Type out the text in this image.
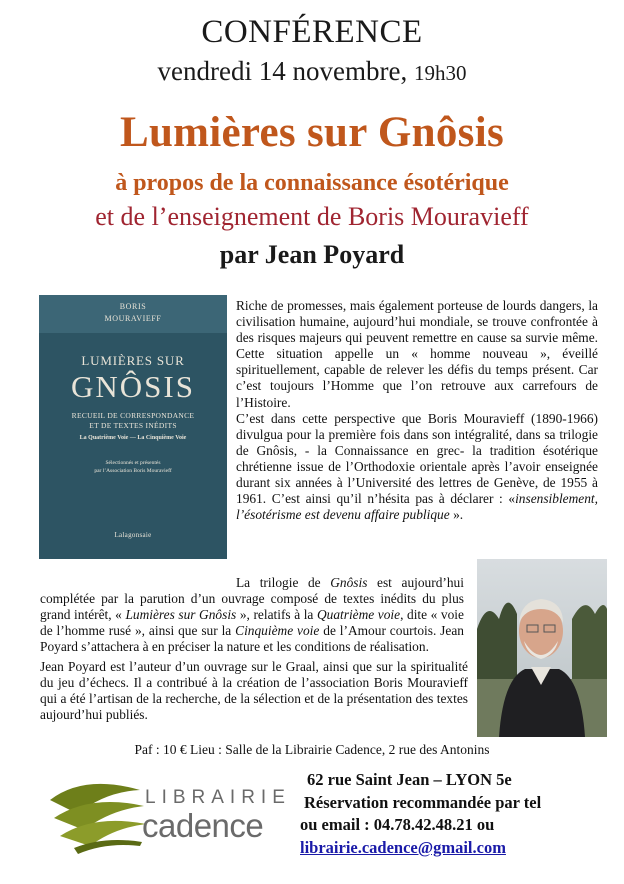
CONFÉRENCE
vendredi 14 novembre, 19h30
Lumières sur Gnôsis
à propos de la connaissance ésotérique
et de l’enseignement de Boris Mouravieff
par Jean Poyard
BORIS
MOURAVIEFF
LUMIÈRES SUR
GNÔSIS
RECUEIL DE CORRESPONDANCE
ET DE TEXTES INÉDITS
La Quatrième Voie — La Cinquième Voie
Sélectionnés et présentés
par l’Association Boris Mouravieff
Lalagonsaie

Riche de promesses, mais également porteuse de lourds dangers, la civilisation humaine, aujourd’hui mondiale, se trouve confrontée à des risques majeurs qui peuvent remettre en cause sa survie même. Cette situation appelle un « homme nouveau », éveillé spirituellement, capable de relever les défis du temps présent. Car c’est toujours l’Homme que l’on retrouve aux carrefours de l’Histoire.

C’est dans cette perspective que Boris Mouravieff (1890-1966) divulgua pour la première fois dans son intégralité, dans sa trilogie de Gnôsis, - la Connaissance en grec- la tradition ésotérique chrétienne issue de l’Orthodoxie orientale après l’avoir enseignée durant six années à l’Université des lettres de Genève, de 1955 à 1961. C’est ainsi qu’il n’hésita pas à déclarer : «insensiblement, l’ésotérisme est devenu affaire publique ».

La trilogie de Gnôsis est aujourd’hui complétée par la parution d’un ouvrage composé de textes inédits du plus grand intérêt, « Lumières sur Gnôsis », relatifs à la Quatrième voie, dite « voie de l’homme rusé », ainsi que sur la Cinquième voie de l’Amour courtois. Jean Poyard s’attachera à en préciser la nature et les conditions de réalisation.

Jean Poyard est l’auteur d’un ouvrage sur le Graal, ainsi que sur la spiritualité du jeu d’échecs. Il a contribué à la création de l’association Boris Mouravieff qui a été l’artisan de la recherche, de la sélection et de la présentation des textes aujourd’hui publiés.

Paf : 10 € Lieu : Salle de la Librairie Cadence, 2 rue des Antonins
LIBRAIRIE
cadence
62 rue Saint Jean – LYON 5e
Réservation recommandée par tel
ou email : 04.78.42.48.21 ou
librairie.cadence@gmail.com
